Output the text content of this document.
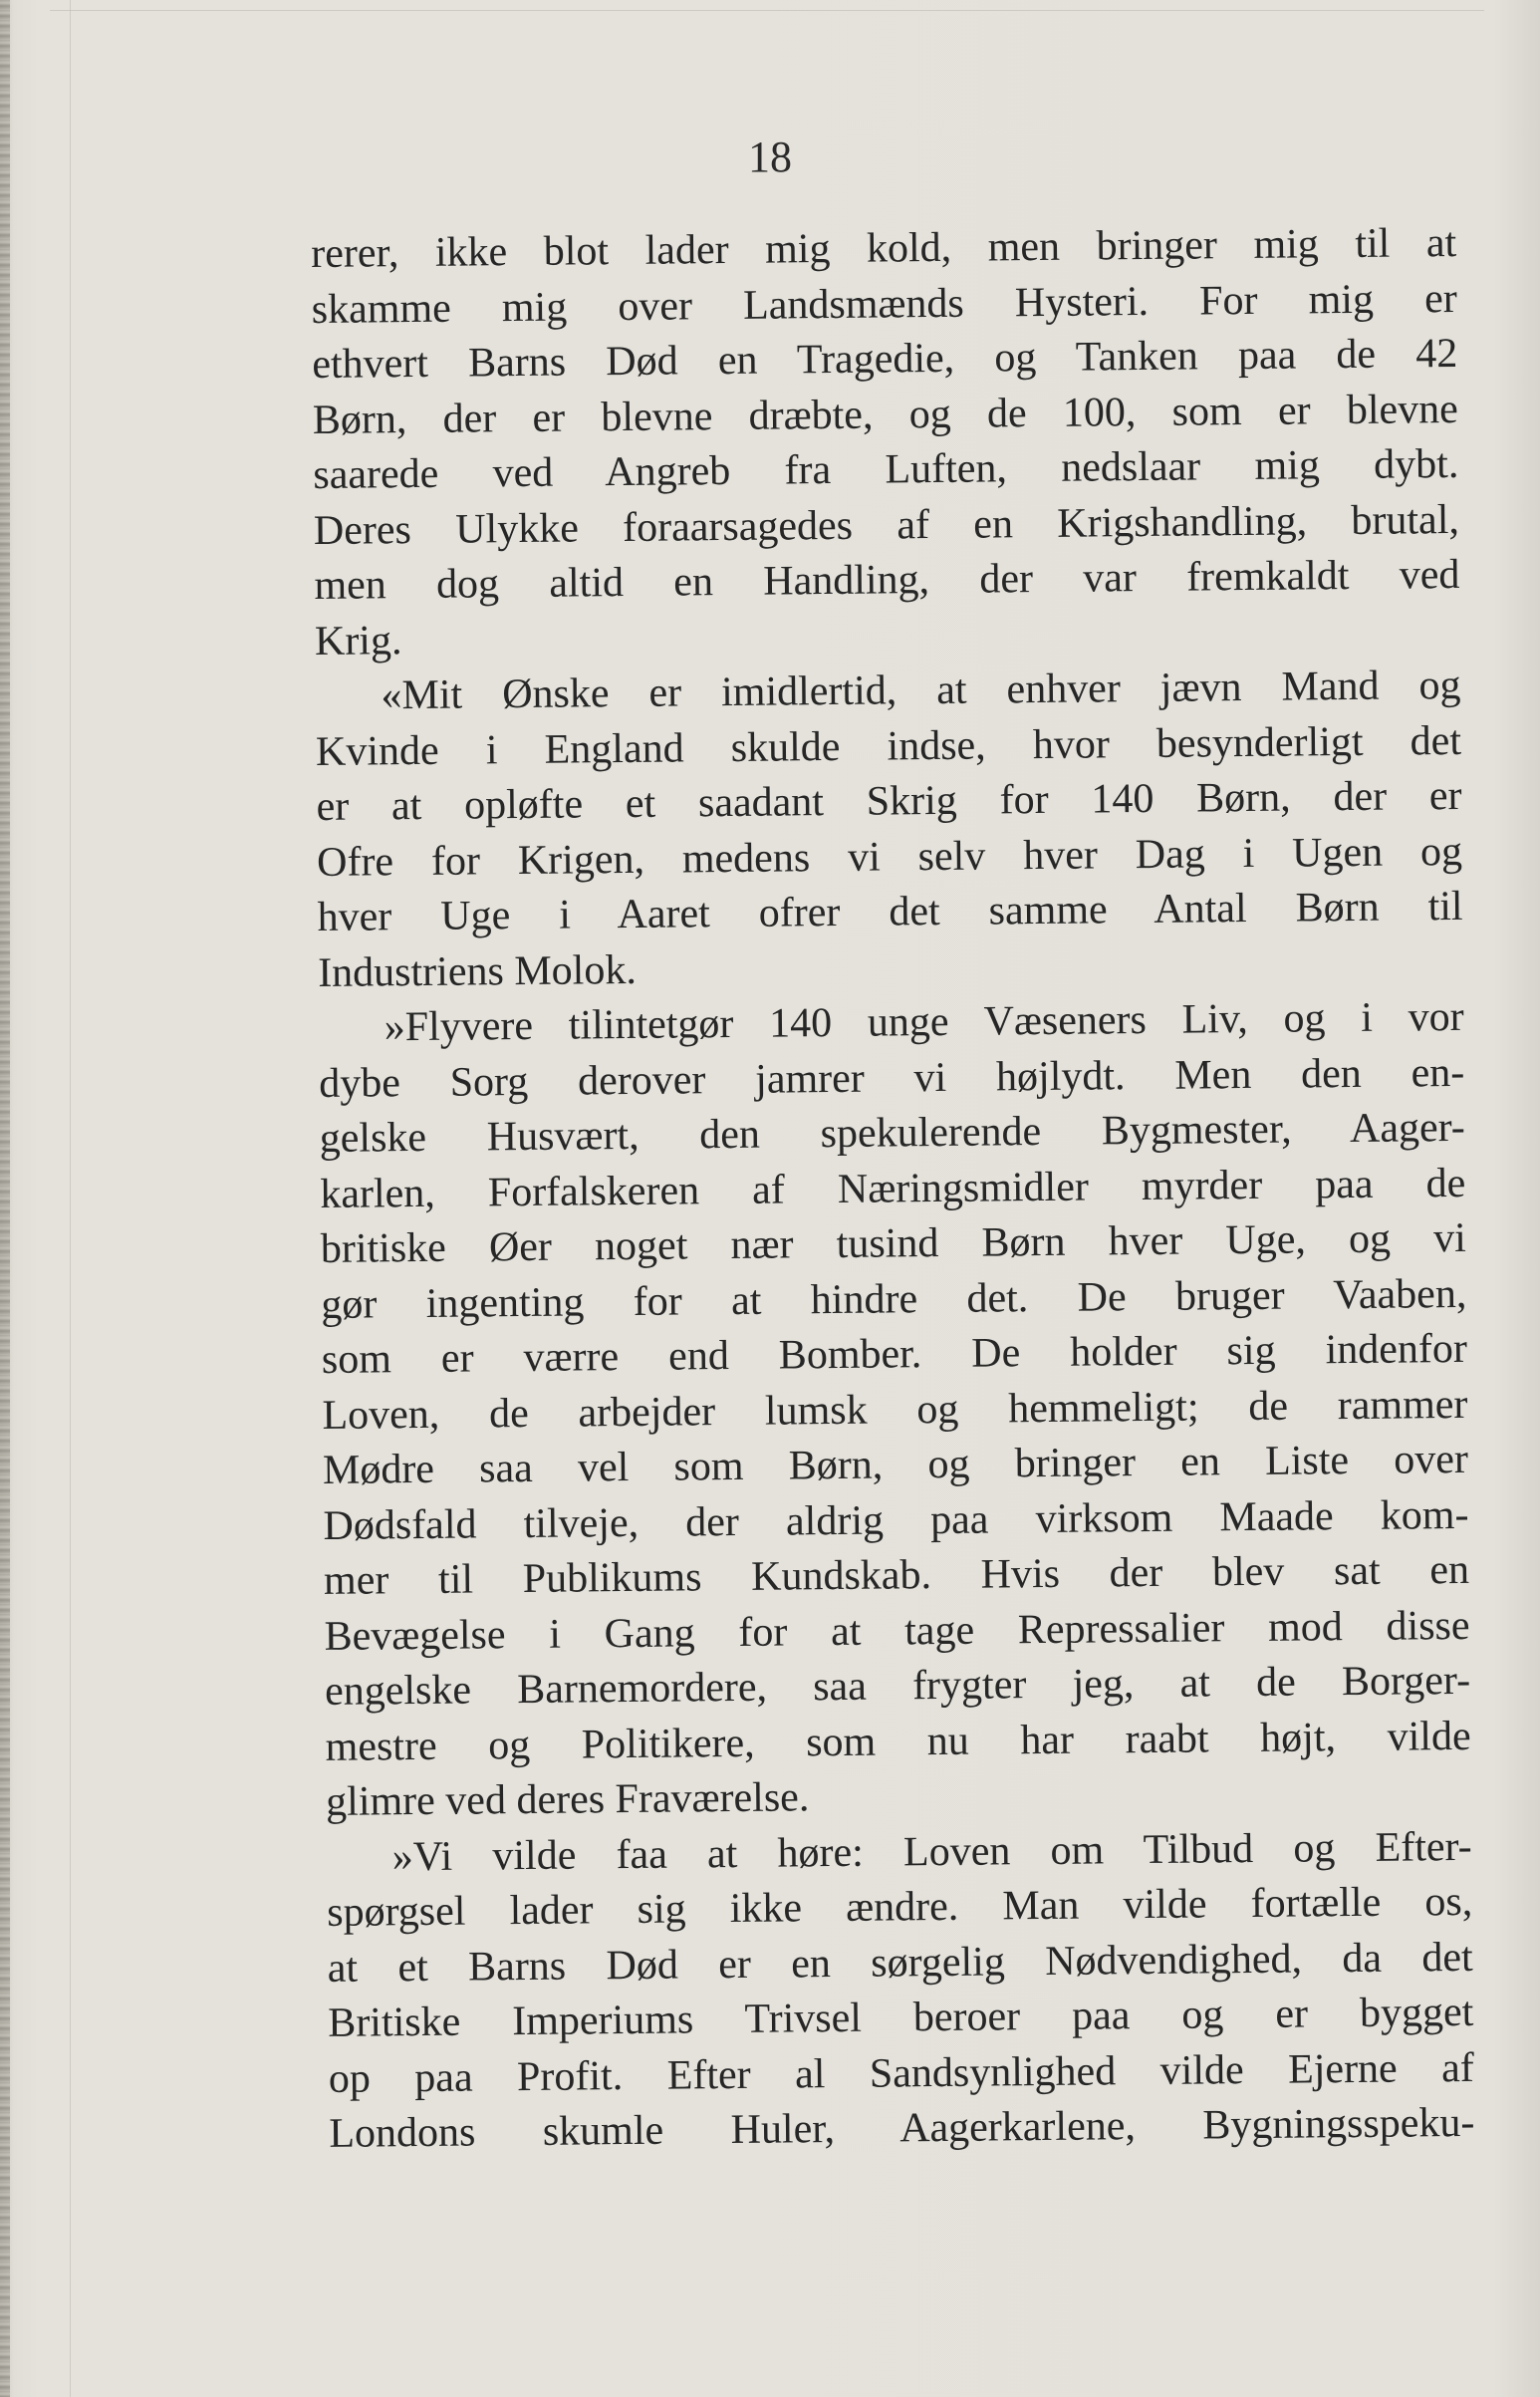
18
rerer, ikke blot lader mig kold, men bringer mig til at
skamme mig over Landsmænds Hysteri. For mig er
ethvert Barns Død en Tragedie, og Tanken paa de 42
Børn, der er blevne dræbte, og de 100, som er blevne
saarede ved Angreb fra Luften, nedslaar mig dybt.
Deres Ulykke foraarsagedes af en Krigshandling, brutal,
men dog altid en Handling, der var fremkaldt ved
Krig.
«Mit Ønske er imidlertid, at enhver jævn Mand og
Kvinde i England skulde indse, hvor besynderligt det
er at opløfte et saadant Skrig for 140 Børn, der er
Ofre for Krigen, medens vi selv hver Dag i Ugen og
hver Uge i Aaret ofrer det samme Antal Børn til
Industriens Molok.
»Flyvere tilintetgør 140 unge Væseners Liv, og i vor
dybe Sorg derover jamrer vi højlydt. Men den en-
gelske Husvært, den spekulerende Bygmester, Aager-
karlen, Forfalskeren af Næringsmidler myrder paa de
britiske Øer noget nær tusind Børn hver Uge, og vi
gør ingenting for at hindre det. De bruger Vaaben,
som er værre end Bomber. De holder sig indenfor
Loven, de arbejder lumsk og hemmeligt; de rammer
Mødre saa vel som Børn, og bringer en Liste over
Dødsfald tilveje, der aldrig paa virksom Maade kom-
mer til Publikums Kundskab. Hvis der blev sat en
Bevægelse i Gang for at tage Repressalier mod disse
engelske Barnemordere, saa frygter jeg, at de Borger-
mestre og Politikere, som nu har raabt højt, vilde
glimre ved deres Fraværelse.
»Vi vilde faa at høre: Loven om Tilbud og Efter-
spørgsel lader sig ikke ændre. Man vilde fortælle os,
at et Barns Død er en sørgelig Nødvendighed, da det
Britiske Imperiums Trivsel beroer paa og er bygget
op paa Profit. Efter al Sandsynlighed vilde Ejerne af
Londons skumle Huler, Aagerkarlene, Bygningsspeku-
